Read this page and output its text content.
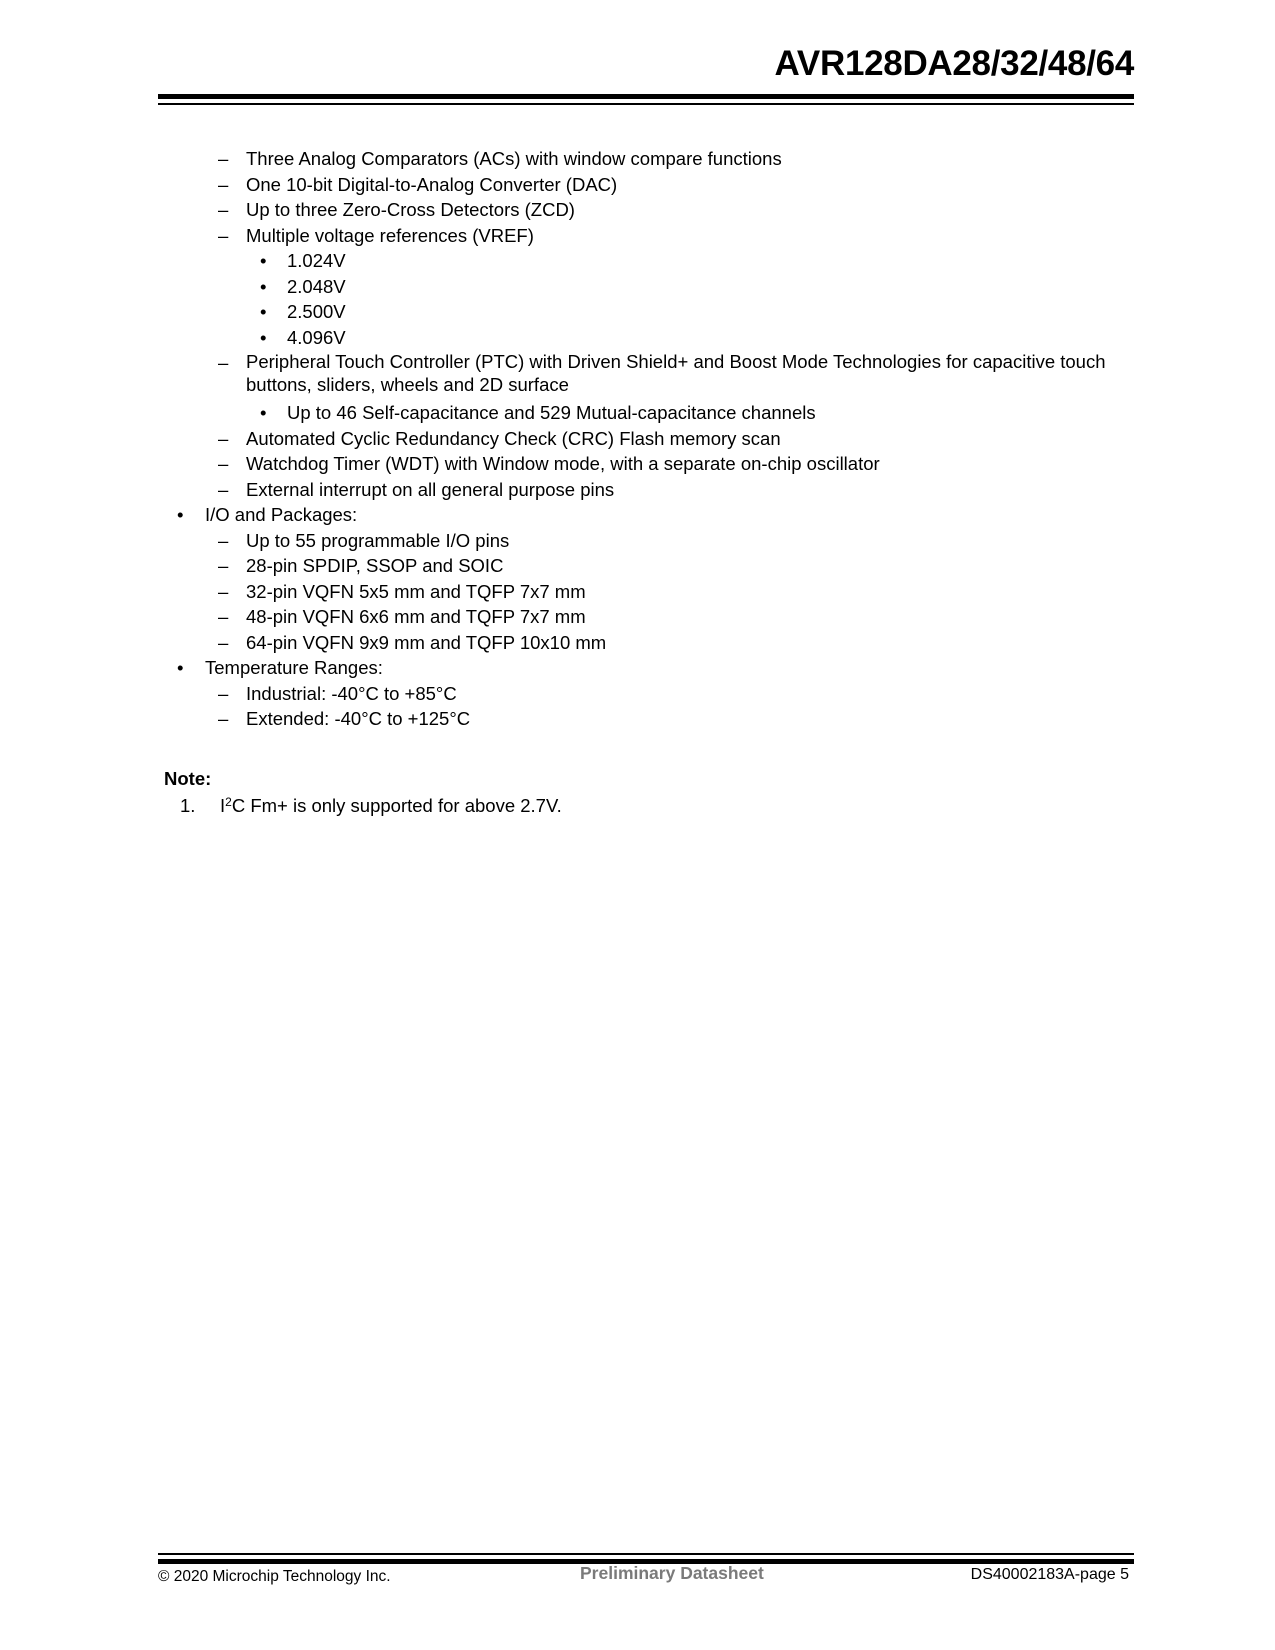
AVR128DA28/32/48/64
– Three Analog Comparators (ACs) with window compare functions
– One 10-bit Digital-to-Analog Converter (DAC)
– Up to three Zero-Cross Detectors (ZCD)
– Multiple voltage references (VREF)
• 1.024V
• 2.048V
• 2.500V
• 4.096V
– Peripheral Touch Controller (PTC) with Driven Shield+ and Boost Mode Technologies for capacitive touch buttons, sliders, wheels and 2D surface
• Up to 46 Self-capacitance and 529 Mutual-capacitance channels
– Automated Cyclic Redundancy Check (CRC) Flash memory scan
– Watchdog Timer (WDT) with Window mode, with a separate on-chip oscillator
– External interrupt on all general purpose pins
• I/O and Packages:
– Up to 55 programmable I/O pins
– 28-pin SPDIP, SSOP and SOIC
– 32-pin VQFN 5x5 mm and TQFP 7x7 mm
– 48-pin VQFN 6x6 mm and TQFP 7x7 mm
– 64-pin VQFN 9x9 mm and TQFP 10x10 mm
• Temperature Ranges:
– Industrial: -40°C to +85°C
– Extended: -40°C to +125°C
Note:
1. $I^2C$ Fm+ is only supported for above 2.7V.
© 2020 Microchip Technology Inc.	Preliminary Datasheet	DS40002183A-page 5
